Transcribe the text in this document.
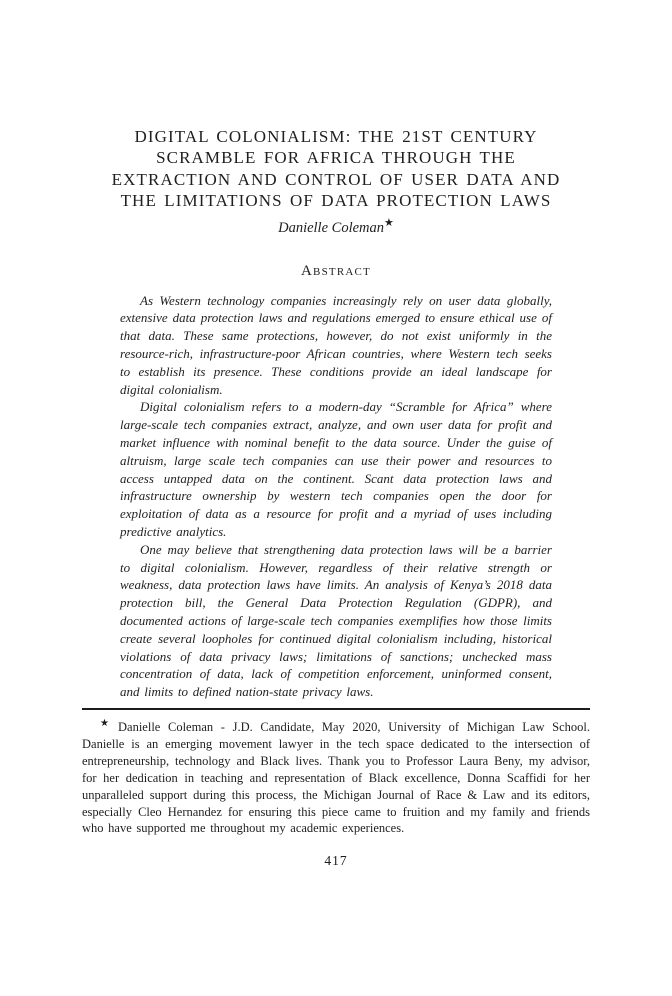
DIGITAL COLONIALISM: THE 21ST CENTURY
SCRAMBLE FOR AFRICA THROUGH THE
EXTRACTION AND CONTROL OF USER DATA AND
THE LIMITATIONS OF DATA PROTECTION LAWS
Danielle Coleman★
Abstract

As Western technology companies increasingly rely on user data globally, extensive data protection laws and regulations emerged to ensure ethical use of that data. These same protections, however, do not exist uniformly in the resource-rich, infrastructure-poor African countries, where Western tech seeks to establish its presence. These conditions provide an ideal landscape for digital colonialism.

Digital colonialism refers to a modern-day “Scramble for Africa” where large-scale tech companies extract, analyze, and own user data for profit and market influence with nominal benefit to the data source. Under the guise of altruism, large scale tech companies can use their power and resources to access untapped data on the continent. Scant data protection laws and infrastructure ownership by western tech companies open the door for exploitation of data as a resource for profit and a myriad of uses including predictive analytics.

One may believe that strengthening data protection laws will be a barrier to digital colonialism. However, regardless of their relative strength or weakness, data protection laws have limits. An analysis of Kenya’s 2018 data protection bill, the General Data Protection Regulation (GDPR), and documented actions of large-scale tech companies exemplifies how those limits create several loopholes for continued digital colonialism including, historical violations of data privacy laws; limitations of sanctions; unchecked mass concentration of data, lack of competition enforcement, uninformed consent, and limits to defined nation-state privacy laws.

★ Danielle Coleman - J.D. Candidate, May 2020, University of Michigan Law School. Danielle is an emerging movement lawyer in the tech space dedicated to the intersection of entrepreneurship, technology and Black lives. Thank you to Professor Laura Beny, my advisor, for her dedication in teaching and representation of Black excellence, Donna Scaffidi for her unparalleled support during this process, the Michigan Journal of Race & Law and its editors, especially Cleo Hernandez for ensuring this piece came to fruition and my family and friends who have supported me throughout my academic experiences.

417
